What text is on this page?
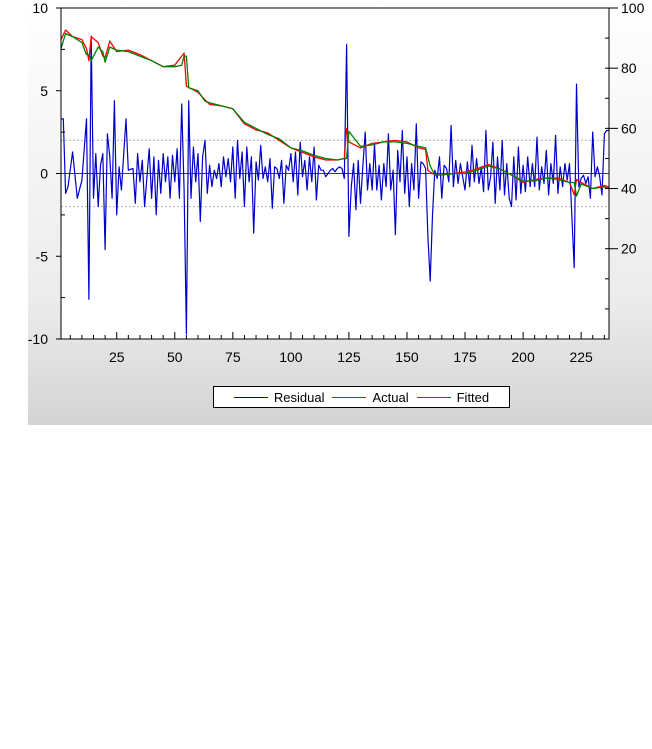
25	50	75	100 125 150 175 200 225
-10
-5
0
5
10
20
40
60
80
100
Residual	Actual	Fitted
